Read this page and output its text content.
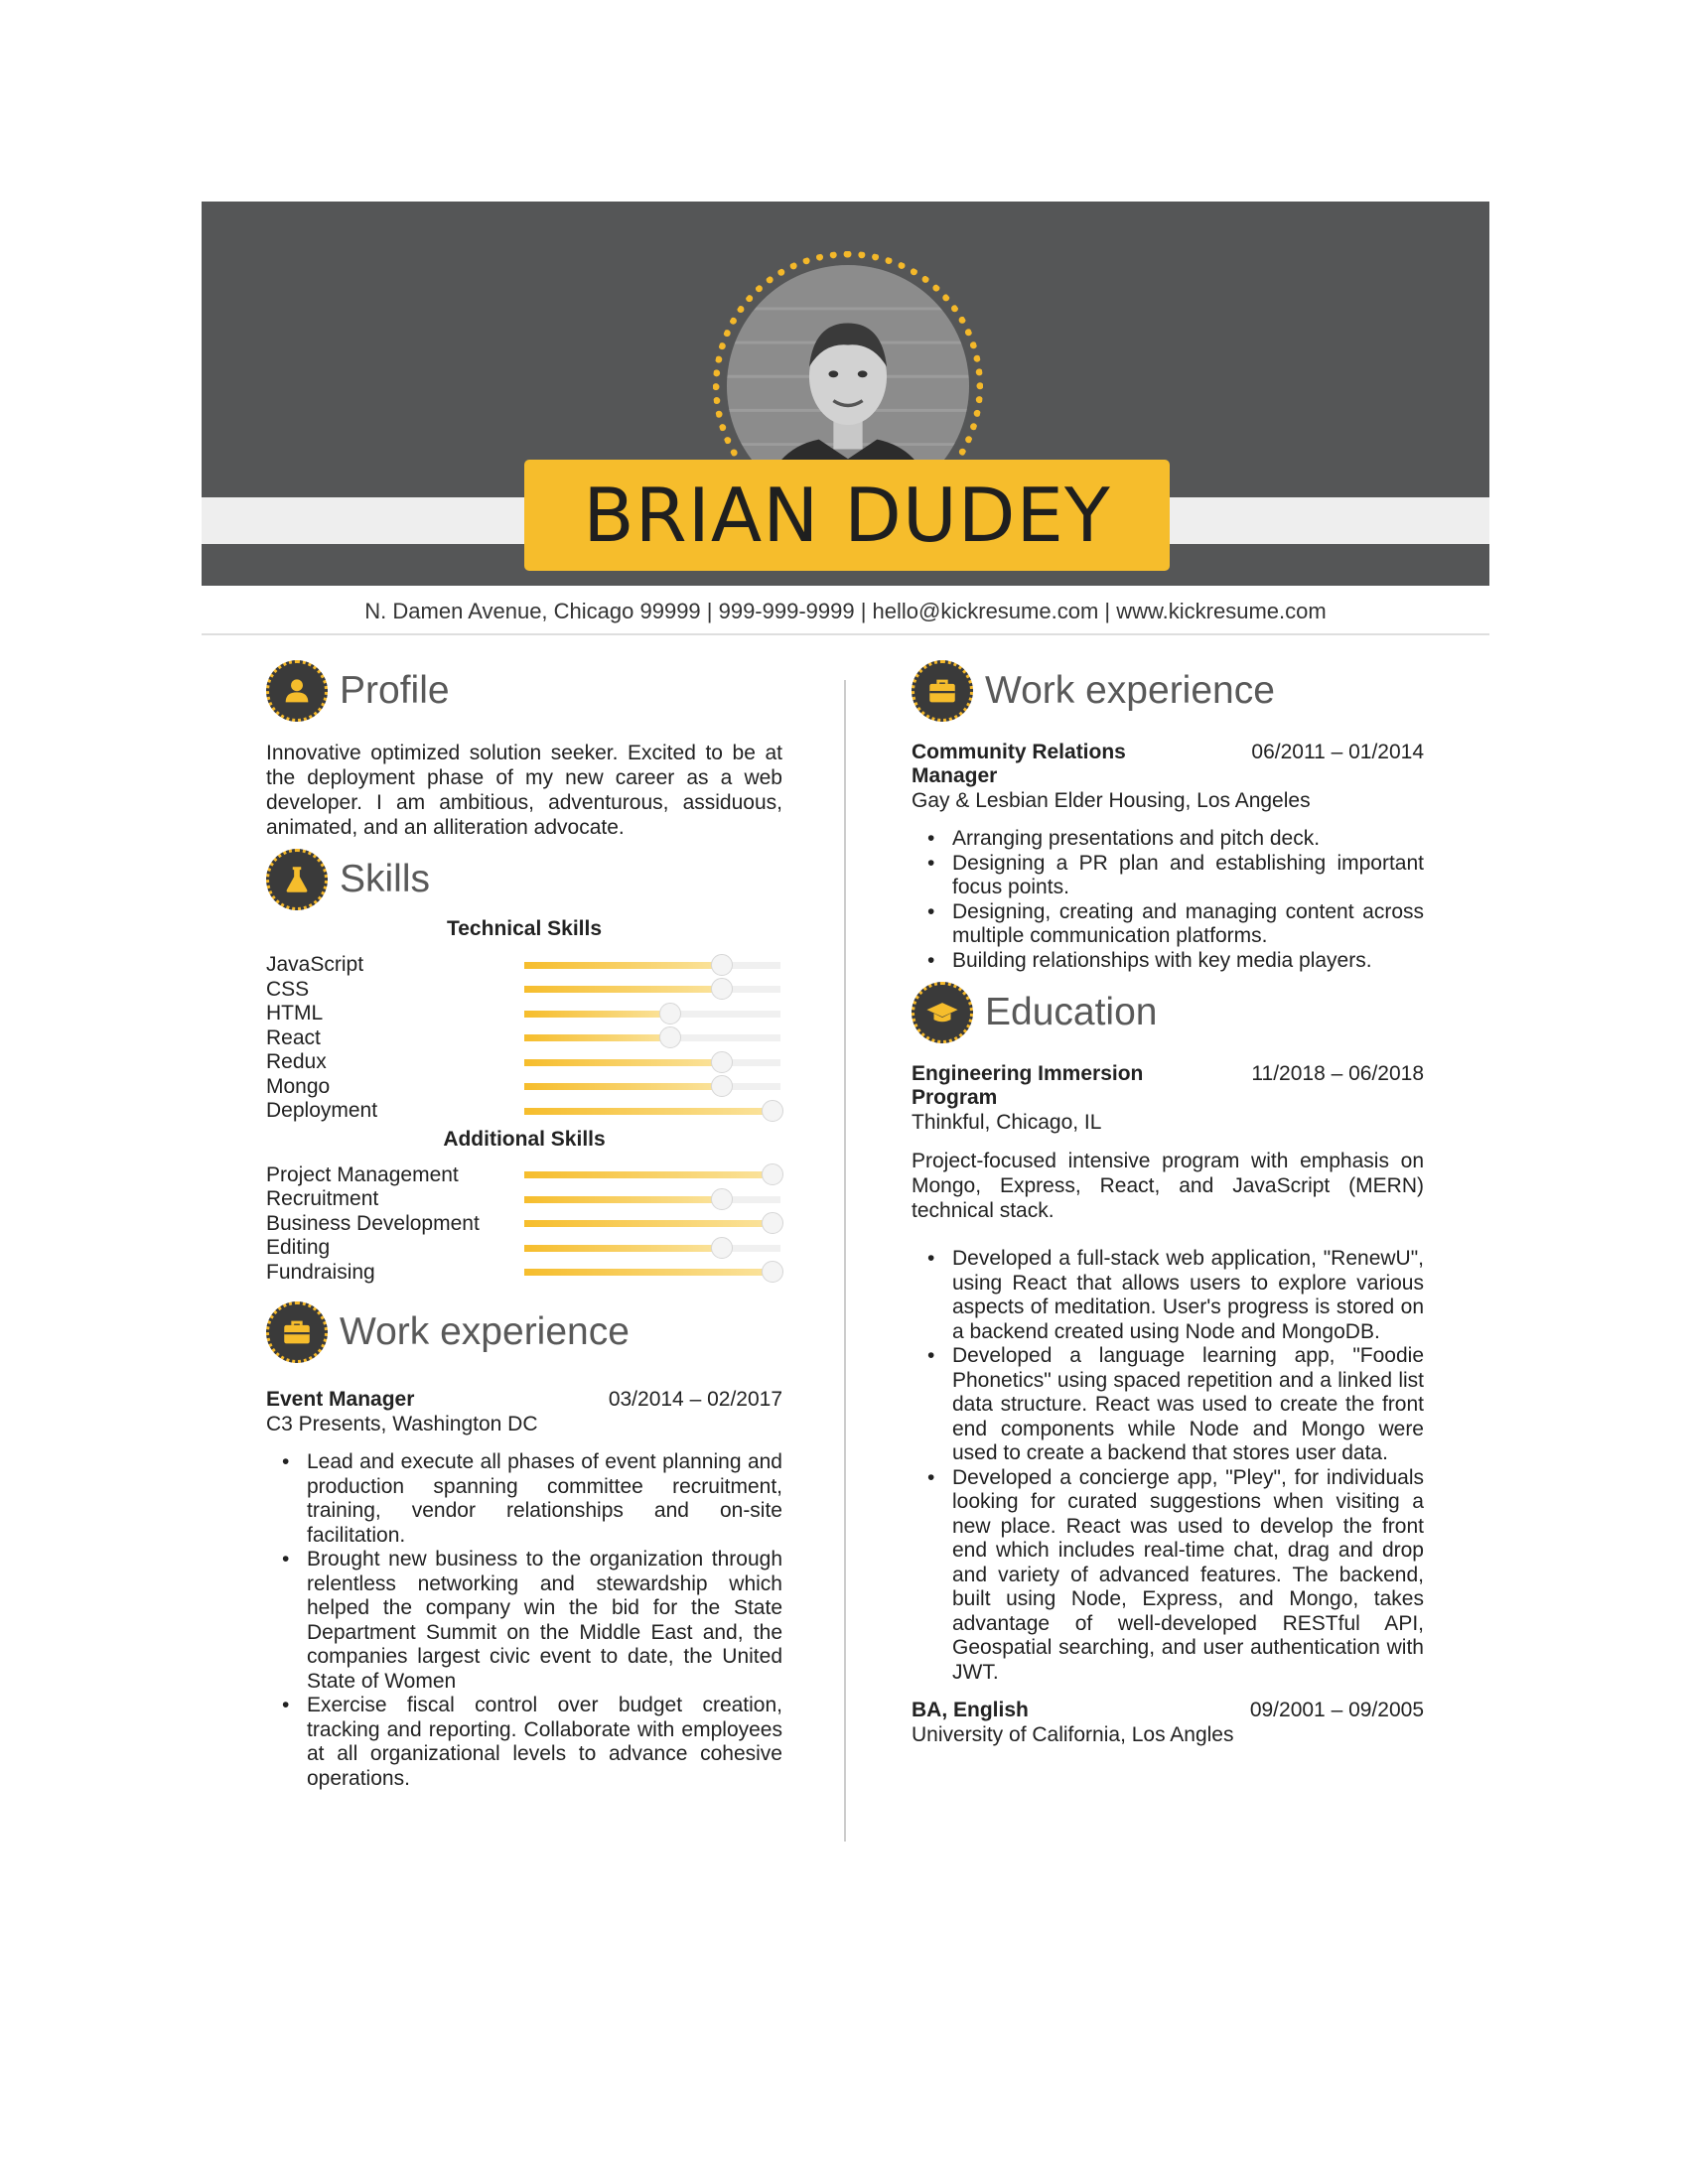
BRIAN DUDEY
N. Damen Avenue, Chicago 99999 | 999-999-9999 | hello@kickresume.com | www.kickresume.com
Profile

Innovative optimized solution seeker. Excited to be at the deployment phase of my new career as a web developer. I am ambitious, adventurous, assiduous, animated, and an alliteration advocate.

Skills
Technical Skills
JavaScript
CSS
HTML
React
Redux
Mongo
Deployment
Additional Skills
Project Management
Recruitment
Business Development
Editing
Fundraising
Work experience
Event Manager	03/2014 – 02/2017
C3 Presents, Washington DC
• Lead and execute all phases of event planning and production spanning committee recruitment, training, vendor relationships and on-site facilitation.
• Brought new business to the organization through relentless networking and stewardship which helped the company win the bid for the State Department Summit on the Middle East and, the companies largest civic event to date, the United State of Women
• Exercise fiscal control over budget creation, tracking and reporting. Collaborate with employees at all organizational levels to advance cohesive operations.
Work experience
Community Relations Manager
06/2011 – 01/2014
Gay & Lesbian Elder Housing, Los Angeles
• Arranging presentations and pitch deck.
• Designing a PR plan and establishing important focus points.
• Designing, creating and managing content across multiple communication platforms.
• Building relationships with key media players.
Education
Engineering Immersion Program
11/2018 – 06/2018
Thinkful, Chicago, IL

Project-focused intensive program with emphasis on Mongo, Express, React, and JavaScript (MERN) technical stack.

• Developed a full-stack web application, "RenewU", using React that allows users to explore various aspects of meditation. User's progress is stored on a backend created using Node and MongoDB.
• Developed a language learning app, "Foodie Phonetics" using spaced repetition and a linked list data structure. React was used to create the front end components while Node and Mongo were used to create a backend that stores user data.
• Developed a concierge app, "Pley", for individuals looking for curated suggestions when visiting a new place. React was used to develop the front end which includes real-time chat, drag and drop and variety of advanced features. The backend, built using Node, Express, and Mongo, takes advantage of well-developed RESTful API, Geospatial searching, and user authentication with JWT.
BA, English	09/2001 – 09/2005
University of California, Los Angles
